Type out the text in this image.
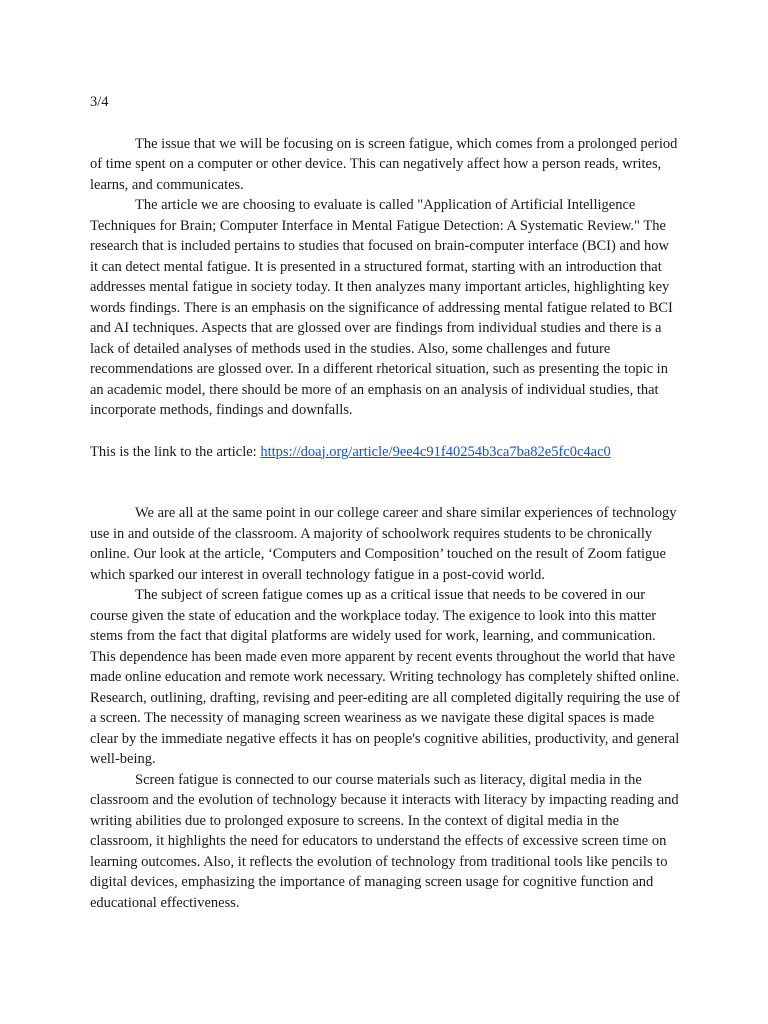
3/4

The issue that we will be focusing on is screen fatigue, which comes from a prolonged period of time spent on a computer or other device. This can negatively affect how a person reads, writes, learns, and communicates.

The article we are choosing to evaluate is called "Application of Artificial Intelligence Techniques for Brain; Computer Interface in Mental Fatigue Detection: A Systematic Review." The research that is included pertains to studies that focused on brain-computer interface (BCI) and how it can detect mental fatigue. It is presented in a structured format, starting with an introduction that addresses mental fatigue in society today. It then analyzes many important articles, highlighting key words findings. There is an emphasis on the significance of addressing mental fatigue related to BCI and AI techniques. Aspects that are glossed over are findings from individual studies and there is a lack of detailed analyses of methods used in the studies. Also, some challenges and future recommendations are glossed over. In a different rhetorical situation, such as presenting the topic in an academic model, there should be more of an emphasis on an analysis of individual studies, that incorporate methods, findings and downfalls.

This is the link to the article: https://doaj.org/article/9ee4c91f40254b3ca7ba82e5fc0c4ac0

We are all at the same point in our college career and share similar experiences of technology use in and outside of the classroom. A majority of schoolwork requires students to be chronically online. Our look at the article, ‘Computers and Composition’ touched on the result of Zoom fatigue which sparked our interest in overall technology fatigue in a post-covid world.

The subject of screen fatigue comes up as a critical issue that needs to be covered in our course given the state of education and the workplace today. The exigence to look into this matter stems from the fact that digital platforms are widely used for work, learning, and communication. This dependence has been made even more apparent by recent events throughout the world that have made online education and remote work necessary. Writing technology has completely shifted online. Research, outlining, drafting, revising and peer-editing are all completed digitally requiring the use of a screen. The necessity of managing screen weariness as we navigate these digital spaces is made clear by the immediate negative effects it has on people's cognitive abilities, productivity, and general well-being.

Screen fatigue is connected to our course materials such as literacy, digital media in the classroom and the evolution of technology because it interacts with literacy by impacting reading and writing abilities due to prolonged exposure to screens. In the context of digital media in the classroom, it highlights the need for educators to understand the effects of excessive screen time on learning outcomes. Also, it reflects the evolution of technology from traditional tools like pencils to digital devices, emphasizing the importance of managing screen usage for cognitive function and educational effectiveness.
